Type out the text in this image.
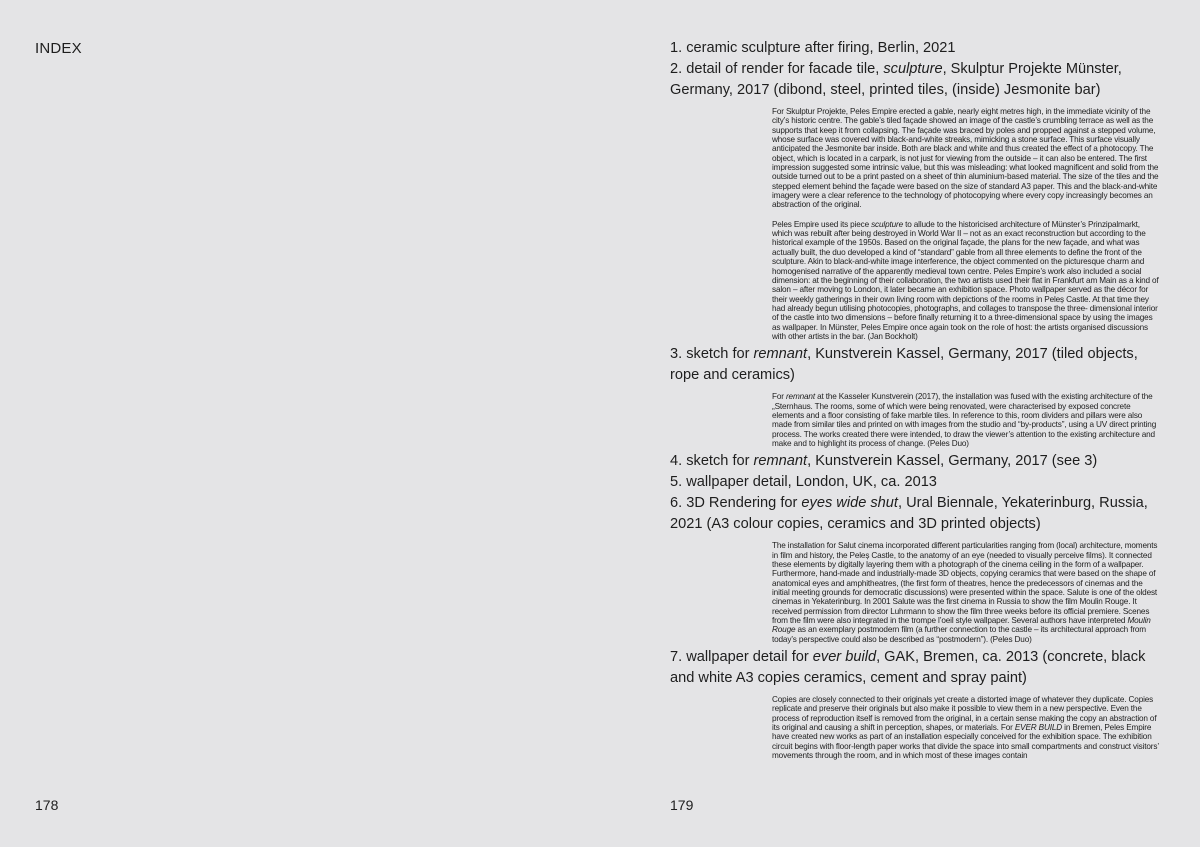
INDEX
178

1. ceramic sculpture after firing, Berlin, 2021

2. detail of render for facade tile, sculpture, Skulptur Projekte Münster, Germany, 2017 (dibond, steel, printed tiles, (inside) Jesmonite bar)

For Skulptur Projekte, Peles Empire erected a gable, nearly eight metres high, in the immediate vicinity of the city’s historic centre. The gable’s tiled façade showed an image of the castle’s crumbling terrace as well as the supports that keep it from collapsing. The façade was braced by poles and propped against a stepped volume, whose surface was covered with black-and-white streaks, mimicking a stone surface. This surface visually anticipated the Jesmonite bar inside. Both are black and white and thus created the effect of a photocopy. The object, which is located in a carpark, is not just for viewing from the outside – it can also be entered. The first impression suggested some intrinsic value, but this was misleading: what looked magnificent and solid from the outside turned out to be a print pasted on a sheet of thin aluminium-based material. The size of the tiles and the stepped element behind the façade were based on the size of standard A3 paper. This and the black-and-white imagery were a clear reference to the technology of photocopying where every copy increasingly becomes an abstraction of the original.

Peles Empire used its piece sculpture to allude to the historicised architecture of Münster’s Prinzipalmarkt, which was rebuilt after being destroyed in World War II – not as an exact reconstruction but according to the historical example of the 1950s. Based on the original façade, the plans for the new façade, and what was actually built, the duo developed a kind of “standard” gable from all three elements to define the front of the sculpture. Akin to black-and-white image interference, the object commented on the picturesque charm and homogenised narrative of the apparently medieval town centre. Peles Empire’s work also included a social dimension: at the beginning of their collaboration, the two artists used their flat in Frankfurt am Main as a kind of salon – after moving to London, it later became an exhibition space. Photo wallpaper served as the décor for their weekly gatherings in their own living room with depictions of the rooms in Peleș Castle. At that time they had already begun utilising photocopies, photographs, and collages to transpose the three- dimensional interior of the castle into two dimensions – before finally returning it to a three-dimensional space by using the images as wallpaper. In Münster, Peles Empire once again took on the role of host: the artists organised discussions with other artists in the bar. (Jan Bockholt)

3. sketch for remnant, Kunstverein Kassel, Germany, 2017 (tiled objects, rope and ceramics)

For remnant at the Kasseler Kunstverein (2017), the installation was fused with the existing architecture of the „Sternhaus. The rooms, some of which were being renovated, were characterised by exposed concrete elements and a floor consisting of fake marble tiles. In reference to this, room dividers and pillars were also made from similar tiles and printed on with images from the studio and “by-products”, using a UV direct printing process. The works created there were intended, to draw the viewer’s attention to the existing architecture and make and to highlight its process of change. (Peles Duo)

4. sketch for remnant, Kunstverein Kassel, Germany, 2017 (see 3)

5. wallpaper detail, London, UK, ca. 2013

6. 3D Rendering for eyes wide shut, Ural Biennale, Yekaterinburg, Russia, 2021 (A3 colour copies, ceramics and 3D printed objects)

The installation for Salut cinema incorporated different particularities ranging from (local) architecture, moments in film and history, the Peleș Castle, to the anatomy of an eye (needed to visually perceive films). It connected these elements by digitally layering them with a photograph of the cinema ceiling in the form of a wallpaper. Furthermore, hand-made and industrially-made 3D objects, copying ceramics that were based on the shape of anatomical eyes and amphitheatres, (the first form of theatres, hence the predecessors of cinemas and the initial meeting grounds for democratic discussions) were presented within the space. Salute is one of the oldest cinemas in Yekaterinburg. In 2001 Salute was the first cinema in Russia to show the film Moulin Rouge. It received permission from director Luhrmann to show the film three weeks before its official premiere. Scenes from the film were also integrated in the trompe l’oeil style wallpaper. Several authors have interpreted Moulin Rouge as an exemplary postmodern film (a further connection to the castle – its architectural approach from today’s perspective could also be described as “postmodern”). (Peles Duo)

7. wallpaper detail for ever build, GAK, Bremen, ca. 2013 (concrete, black and white A3 copies ceramics, cement and spray paint)

Copies are closely connected to their originals yet create a distorted image of whatever they duplicate. Copies replicate and preserve their originals but also make it possible to view them in a new perspective. Even the process of reproduction itself is removed from the original, in a certain sense making the copy an abstraction of its original and causing a shift in perception, shapes, or materials. For EVER BUILD in Bremen, Peles Empire have created new works as part of an installation especially conceived for the exhibition space. The exhibition circuit begins with floor-length paper works that divide the space into small compartments and construct visitors’ movements through the room, and in which most of these images contain

179
